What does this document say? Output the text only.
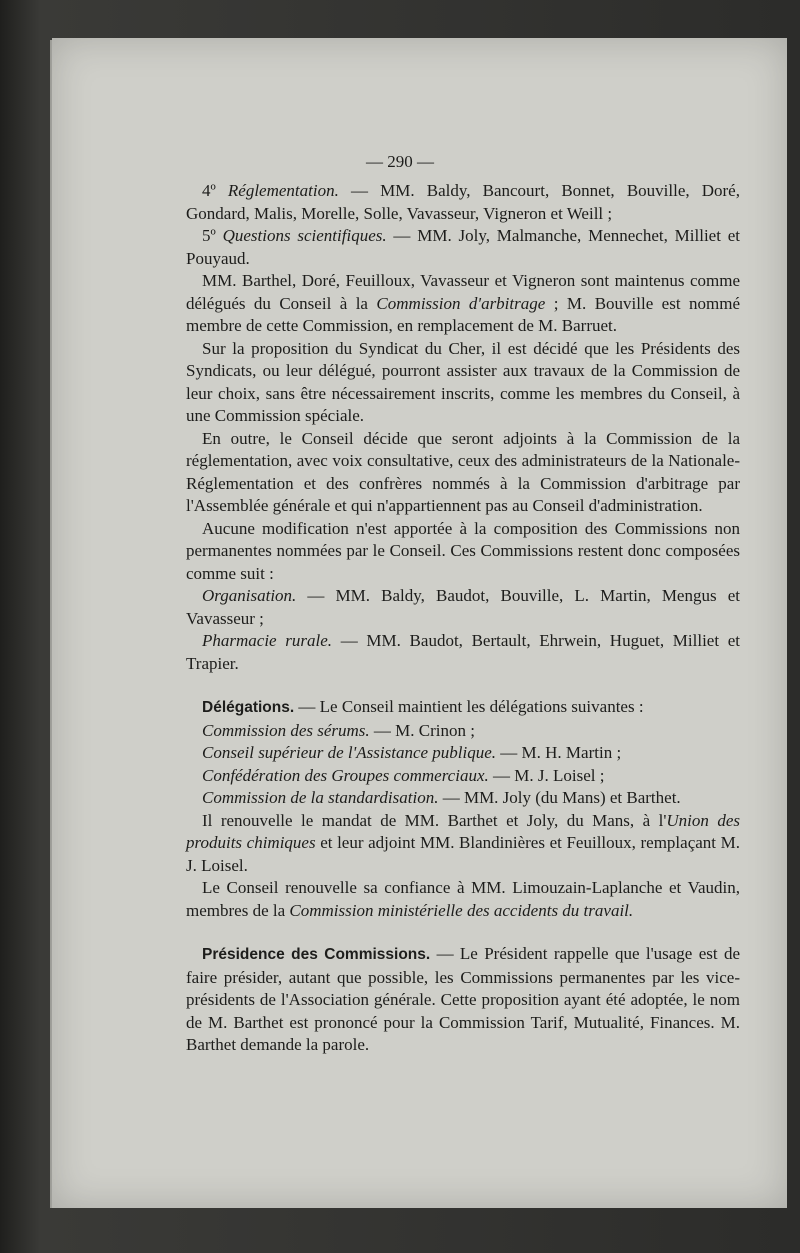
— 290 —

4º Réglementation. — MM. Baldy, Bancourt, Bonnet, Bouville, Doré, Gondard, Malis, Morelle, Solle, Vavasseur, Vigneron et Weill ;

5º Questions scientifiques. — MM. Joly, Malmanche, Mennechet, Milliet et Pouyaud.

MM. Barthel, Doré, Feuilloux, Vavasseur et Vigneron sont maintenus comme délégués du Conseil à la Commission d'arbitrage ; M. Bouville est nommé membre de cette Commission, en remplacement de M. Barruet.

Sur la proposition du Syndicat du Cher, il est décidé que les Présidents des Syndicats, ou leur délégué, pourront assister aux travaux de la Commission de leur choix, sans être nécessairement inscrits, comme les membres du Conseil, à une Commission spéciale.

En outre, le Conseil décide que seront adjoints à la Commission de la réglementation, avec voix consultative, ceux des administrateurs de la Nationale-Réglementation et des confrères nommés à la Commission d'arbitrage par l'Assemblée générale et qui n'appartiennent pas au Conseil d'administration.

Aucune modification n'est apportée à la composition des Commissions non permanentes nommées par le Conseil. Ces Commissions restent donc composées comme suit :

Organisation. — MM. Baldy, Baudot, Bouville, L. Martin, Mengus et Vavasseur ;

Pharmacie rurale. — MM. Baudot, Bertault, Ehrwein, Huguet, Milliet et Trapier.

Délégations. — Le Conseil maintient les délégations suivantes :

Commission des sérums. — M. Crinon ;

Conseil supérieur de l'Assistance publique. — M. H. Martin ;

Confédération des Groupes commerciaux. — M. J. Loisel ;

Commission de la standardisation. — MM. Joly (du Mans) et Barthet.

Il renouvelle le mandat de MM. Barthet et Joly, du Mans, à l'Union des produits chimiques et leur adjoint MM. Blandinières et Feuilloux, remplaçant M. J. Loisel.

Le Conseil renouvelle sa confiance à MM. Limouzain-Laplanche et Vaudin, membres de la Commission ministérielle des accidents du travail.

Présidence des Commissions. — Le Président rappelle que l'usage est de faire présider, autant que possible, les Commissions permanentes par les vice-présidents de l'Association générale. Cette proposition ayant été adoptée, le nom de M. Barthet est prononcé pour la Commission Tarif, Mutualité, Finances. M. Barthet demande la parole.
